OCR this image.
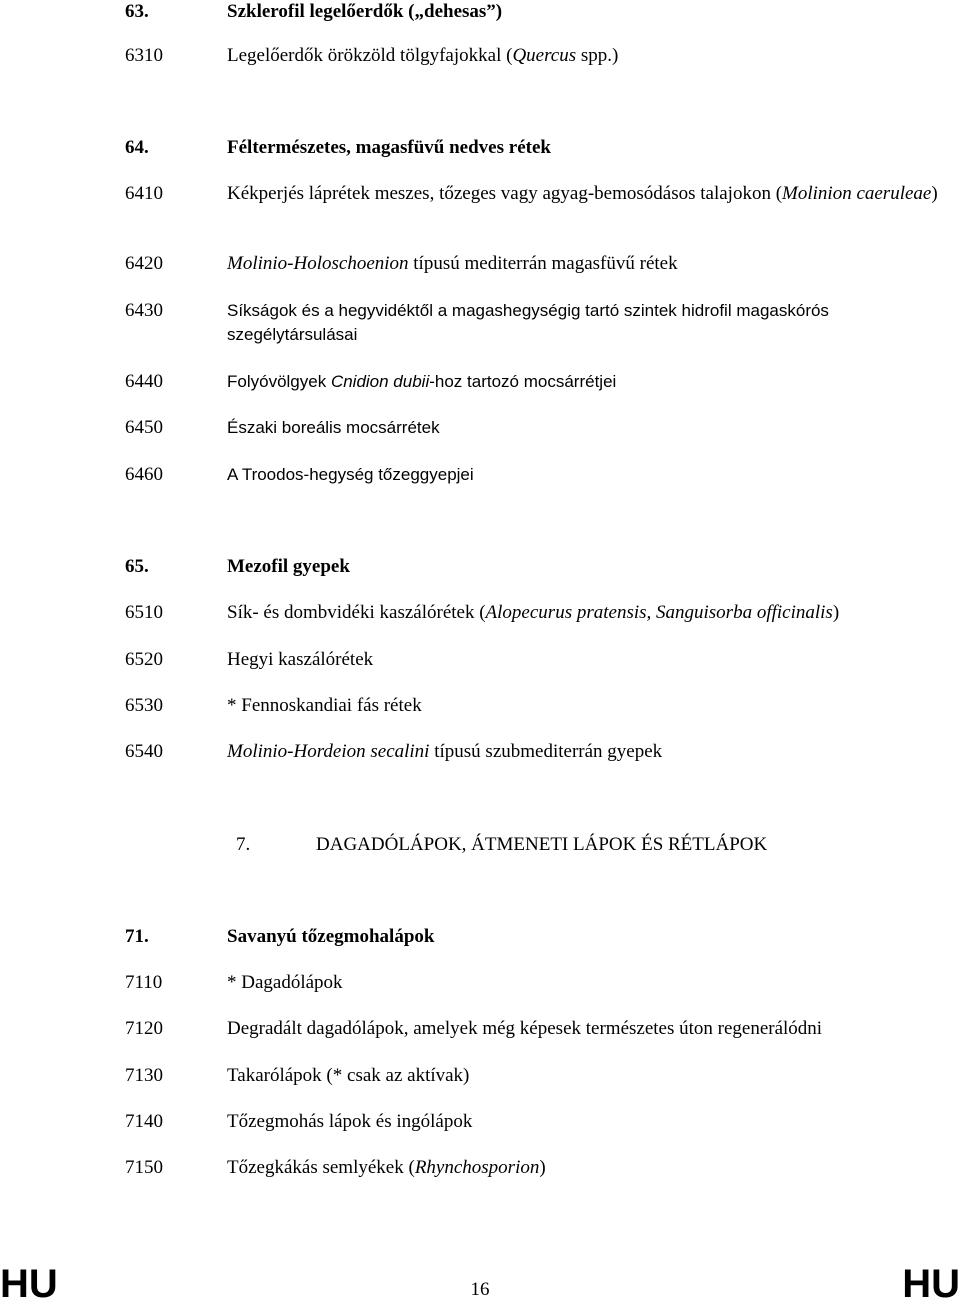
63.	Szklerofil legelőerdők („dehesas”)
6310	Legelőerdők örökzöld tölgyfajokkal (Quercus spp.)
64.	Féltermészetes, magasfüvű nedves rétek
6410	Kékperjés láprétek meszes, tőzeges vagy agyag-bemosódásos talajokon (Molinion caeruleae)
6420	Molinio-Holoschoenion típusú mediterrán magasfüvű rétek
6430	Síkságok és a hegyvidéktől a magashegységig tartó szintek hidrofil magaskórós szegélytársulásai
6440	Folyóvölgyek Cnidion dubii-hoz tartozó mocsárrétjei
6450	Északi boreális mocsárrétek
6460	A Troodos-hegység tőzeggyepjei
65.	Mezofil gyepek
6510	Sík- és dombvidéki kaszálórétek (Alopecurus pratensis, Sanguisorba officinalis)
6520	Hegyi kaszálórétek
6530	* Fennoskandiai fás rétek
6540	Molinio-Hordeion secalini típusú szubmediterrán gyepek
7.	DAGADÓLÁPOK, ÁTMENETI LÁPOK ÉS RÉTLÁPOK
71.	Savanyú tőzegmohalápok
7110	* Dagadólápok
7120	Degradált dagadólápok, amelyek még képesek természetes úton regenerálódni
7130	Takarólápok (* csak az aktívak)
7140	Tőzegmohás lápok és ingólápok
7150	Tőzegkákás semlyékek (Rhynchosporion)
HU	16	HU
